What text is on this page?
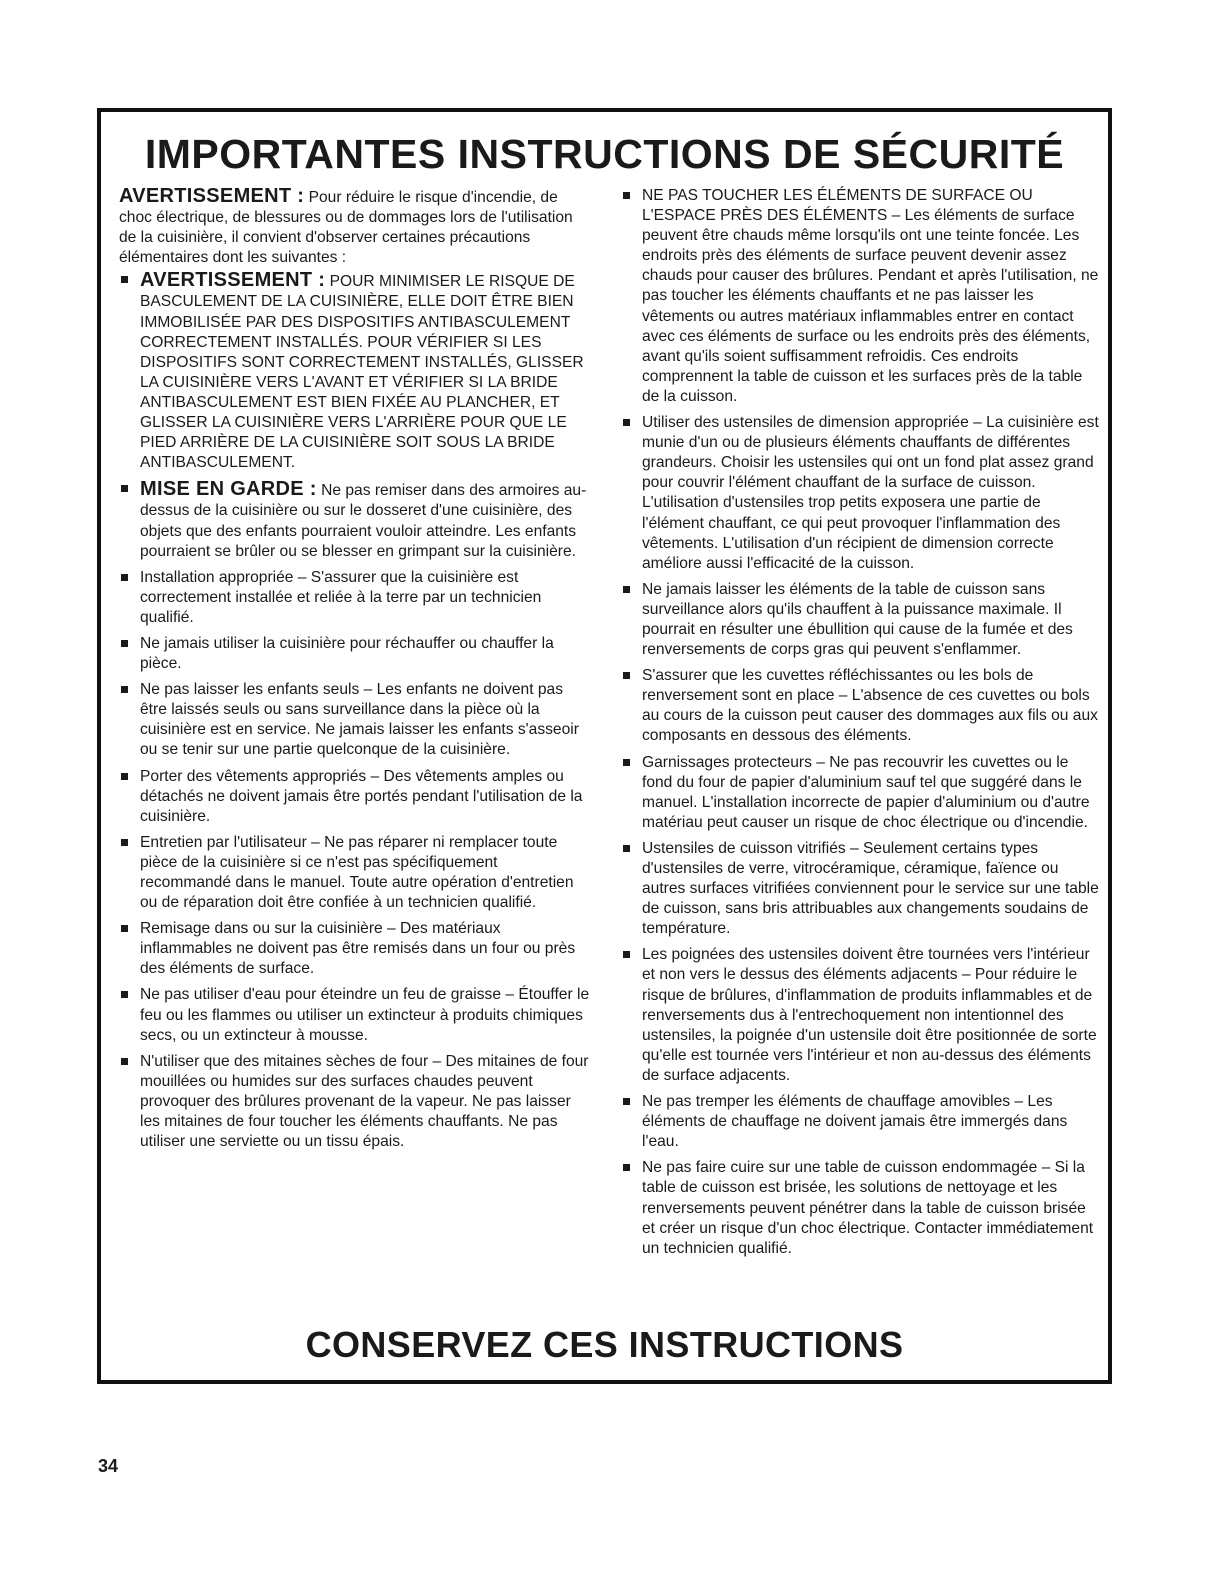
IMPORTANTES INSTRUCTIONS DE SÉCURITÉ

AVERTISSEMENT : Pour réduire le risque d'incendie, de choc électrique, de blessures ou de dommages lors de l'utilisation de la cuisinière, il convient d'observer certaines précautions élémentaires dont les suivantes :

AVERTISSEMENT : POUR MINIMISER LE RISQUE DE BASCULEMENT DE LA CUISINIÈRE, ELLE DOIT ÊTRE BIEN IMMOBILISÉE PAR DES DISPOSITIFS ANTIBASCULEMENT CORRECTEMENT INSTALLÉS. POUR VÉRIFIER SI LES DISPOSITIFS SONT CORRECTEMENT INSTALLÉS, GLISSER LA CUISINIÈRE VERS L'AVANT ET VÉRIFIER SI LA BRIDE ANTIBASCULEMENT EST BIEN FIXÉE AU PLANCHER, ET GLISSER LA CUISINIÈRE VERS L'ARRIÈRE POUR QUE LE PIED ARRIÈRE DE LA CUISINIÈRE SOIT SOUS LA BRIDE ANTIBASCULEMENT.
MISE EN GARDE : Ne pas remiser dans des armoires au-dessus de la cuisinière ou sur le dosseret d'une cuisinière, des objets que des enfants pourraient vouloir atteindre. Les enfants pourraient se brûler ou se blesser en grimpant sur la cuisinière.
Installation appropriée – S'assurer que la cuisinière est correctement installée et reliée à la terre par un technicien qualifié.
Ne jamais utiliser la cuisinière pour réchauffer ou chauffer la pièce.
Ne pas laisser les enfants seuls – Les enfants ne doivent pas être laissés seuls ou sans surveillance dans la pièce où la cuisinière est en service. Ne jamais laisser les enfants s'asseoir ou se tenir sur une partie quelconque de la cuisinière.
Porter des vêtements appropriés – Des vêtements amples ou détachés ne doivent jamais être portés pendant l'utilisation de la cuisinière.
Entretien par l'utilisateur – Ne pas réparer ni remplacer toute pièce de la cuisinière si ce n'est pas spécifiquement recommandé dans le manuel. Toute autre opération d'entretien ou de réparation doit être confiée à un technicien qualifié.
Remisage dans ou sur la cuisinière – Des matériaux inflammables ne doivent pas être remisés dans un four ou près des éléments de surface.
Ne pas utiliser d'eau pour éteindre un feu de graisse – Étouffer le feu ou les flammes ou utiliser un extincteur à produits chimiques secs, ou un extincteur à mousse.
N'utiliser que des mitaines sèches de four – Des mitaines de four mouillées ou humides sur des surfaces chaudes peuvent provoquer des brûlures provenant de la vapeur. Ne pas laisser les mitaines de four toucher les éléments chauffants. Ne pas utiliser une serviette ou un tissu épais.
NE PAS TOUCHER LES ÉLÉMENTS DE SURFACE OU L'ESPACE PRÈS DES ÉLÉMENTS – Les éléments de surface peuvent être chauds même lorsqu'ils ont une teinte foncée. Les endroits près des éléments de surface peuvent devenir assez chauds pour causer des brûlures. Pendant et après l'utilisation, ne pas toucher les éléments chauffants et ne pas laisser les vêtements ou autres matériaux inflammables entrer en contact avec ces éléments de surface ou les endroits près des éléments, avant qu'ils soient suffisamment refroidis. Ces endroits comprennent la table de cuisson et les surfaces près de la table de la cuisson.
Utiliser des ustensiles de dimension appropriée – La cuisinière est munie d'un ou de plusieurs éléments chauffants de différentes grandeurs. Choisir les ustensiles qui ont un fond plat assez grand pour couvrir l'élément chauffant de la surface de cuisson. L'utilisation d'ustensiles trop petits exposera une partie de l'élément chauffant, ce qui peut provoquer l'inflammation des vêtements. L'utilisation d'un récipient de dimension correcte améliore aussi l'efficacité de la cuisson.
Ne jamais laisser les éléments de la table de cuisson sans surveillance alors qu'ils chauffent à la puissance maximale. Il pourrait en résulter une ébullition qui cause de la fumée et des renversements de corps gras qui peuvent s'enflammer.
S'assurer que les cuvettes réfléchissantes ou les bols de renversement sont en place – L'absence de ces cuvettes ou bols au cours de la cuisson peut causer des dommages aux fils ou aux composants en dessous des éléments.
Garnissages protecteurs – Ne pas recouvrir les cuvettes ou le fond du four de papier d'aluminium sauf tel que suggéré dans le manuel. L'installation incorrecte de papier d'aluminium ou d'autre matériau peut causer un risque de choc électrique ou d'incendie.
Ustensiles de cuisson vitrifiés – Seulement certains types d'ustensiles de verre, vitrocéramique, céramique, faïence ou autres surfaces vitrifiées conviennent pour le service sur une table de cuisson, sans bris attribuables aux changements soudains de température.
Les poignées des ustensiles doivent être tournées vers l'intérieur et non vers le dessus des éléments adjacents – Pour réduire le risque de brûlures, d'inflammation de produits inflammables et de renversements dus à l'entrechoquement non intentionnel des ustensiles, la poignée d'un ustensile doit être positionnée de sorte qu'elle est tournée vers l'intérieur et non au-dessus des éléments de surface adjacents.
Ne pas tremper les éléments de chauffage amovibles – Les éléments de chauffage ne doivent jamais être immergés dans l'eau.
Ne pas faire cuire sur une table de cuisson endommagée – Si la table de cuisson est brisée, les solutions de nettoyage et les renversements peuvent pénétrer dans la table de cuisson brisée et créer un risque d'un choc électrique. Contacter immédiatement un technicien qualifié.
CONSERVEZ CES INSTRUCTIONS
34
